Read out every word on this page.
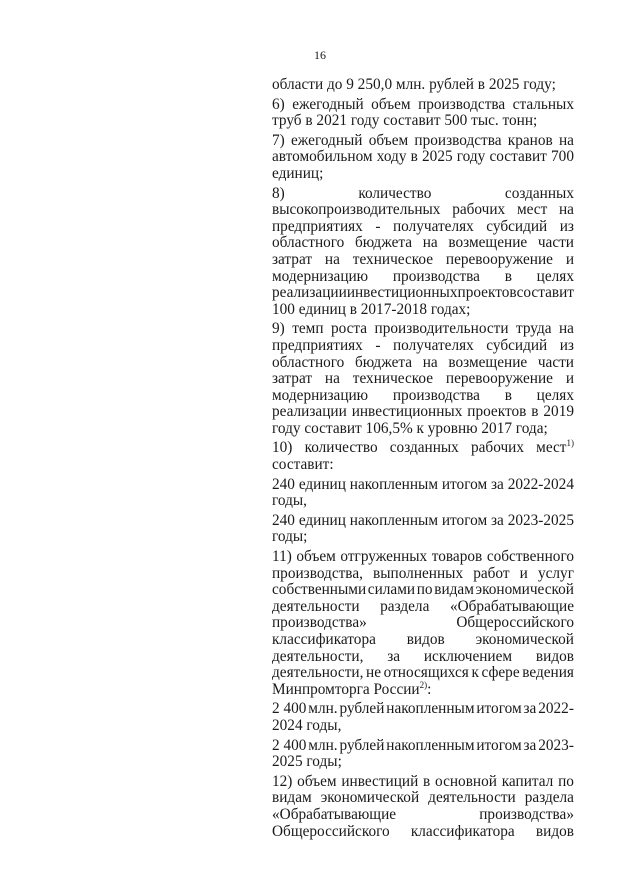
16
области до 9 250,0 млн. рублей в 2025 году;
6) ежегодный объем производства стальных
труб в 2021 году составит 500 тыс. тонн;
7) ежегодный объем производства кранов на
автомобильном ходу в 2025 году составит 700
единиц;
8)	количество	созданных
высокопроизводительных рабочих мест на
предприятиях - получателях субсидий из
областного бюджета на возмещение части
затрат на техническое перевооружение и
модернизацию производства в целях
реализации инвестиционных проектов составит
100 единиц в 2017-2018 годах;
9) темп роста производительности труда на
предприятиях - получателях субсидий из
областного бюджета на возмещение части
затрат на техническое перевооружение и
модернизацию производства в целях
реализации инвестиционных проектов в 2019
году составит 106,5% к уровню 2017 года;
10) количество созданных рабочих мест$^{1)}$
составит:
240 единиц накопленным итогом за 2022-2024
годы,
240 единиц накопленным итогом за 2023-2025
годы;
11) объем отгруженных товаров собственного
производства, выполненных работ и услуг
собственными силами по видам экономической
деятельности раздела «Обрабатывающие
производства»	Общероссийского
классификатора видов экономической
деятельности, за исключением видов
деятельности, не относящихся к сфере ведения
Минпромторга России$^{2)}$:
2 400 млн. рублей накопленным итогом за 2022-
2024 годы,
2 400 млн. рублей накопленным итогом за 2023-
2025 годы;
12) объем инвестиций в основной капитал по
видам экономической деятельности раздела
«Обрабатывающие	производства»
Общероссийского классификатора видов
